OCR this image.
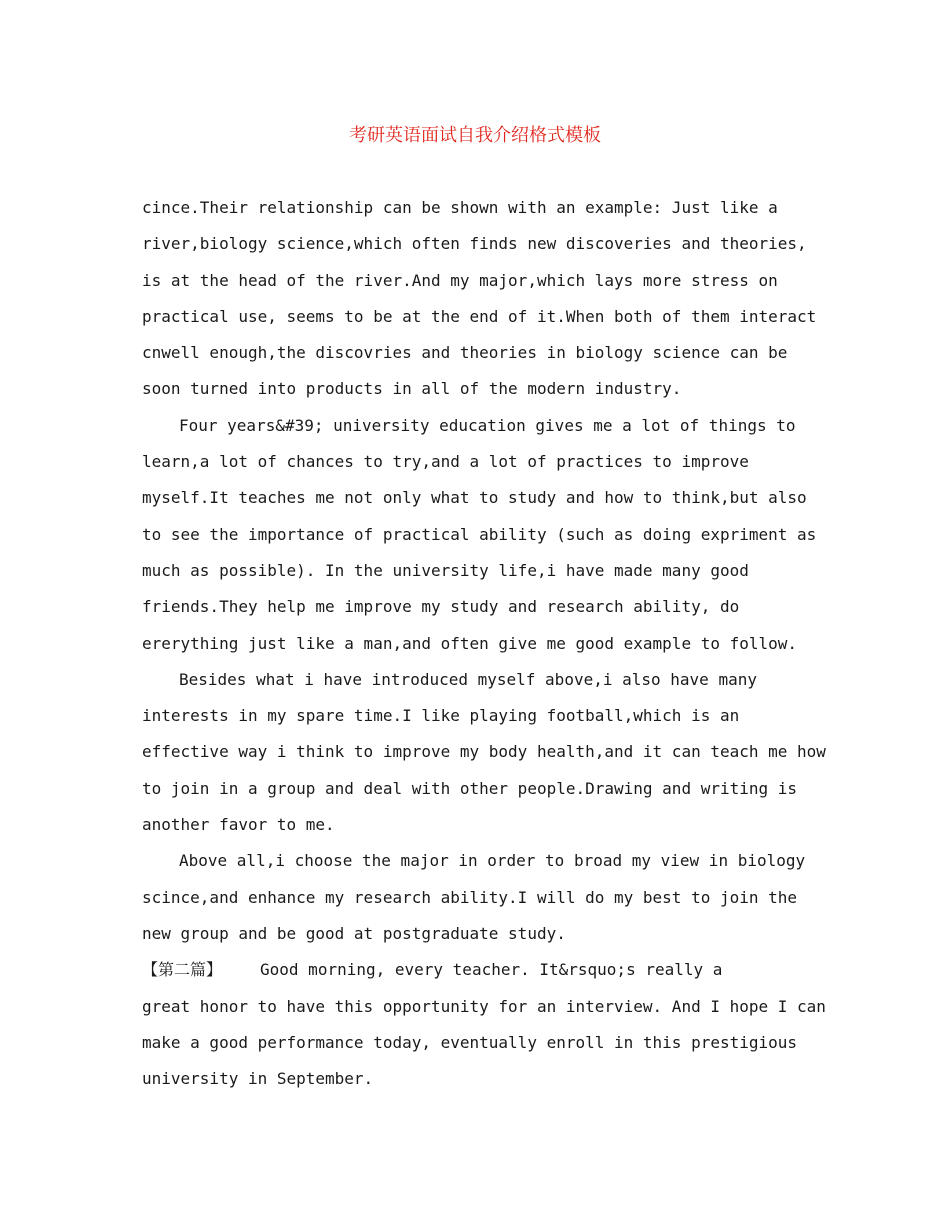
考研英语面试自我介绍格式模板
cince.Their relationship can be shown with an example: Just like a
river,biology science,which often finds new discoveries and theories,
is at the head of the river.And my major,which lays more stress on
practical use, seems to be at the end of it.When both of them interact
cnwell enough,the discovries and theories in biology science can be
soon turned into products in all of the modern industry.
Four years&#39; university education gives me a lot of things to
learn,a lot of chances to try,and a lot of practices to improve
myself.It teaches me not only what to study and how to think,but also
to see the importance of practical ability (such as doing expriment as
much as possible). In the university life,i have made many good
friends.They help me improve my study and research ability, do
ererything just like a man,and often give me good example to follow.
Besides what i have introduced myself above,i also have many
interests in my spare time.I like playing football,which is an
effective way i think to improve my body health,and it can teach me how
to join in a group and deal with other people.Drawing and writing is
another favor to me.
Above all,i choose the major in order to broad my view in biology
scince,and enhance my research ability.I will do my best to join the
new group and be good at postgraduate study.
【第二篇】 Good morning, every teacher. It&rsquo;s really a
great honor to have this opportunity for an interview. And I hope I can
make a good performance today, eventually enroll in this prestigious
university in September.
